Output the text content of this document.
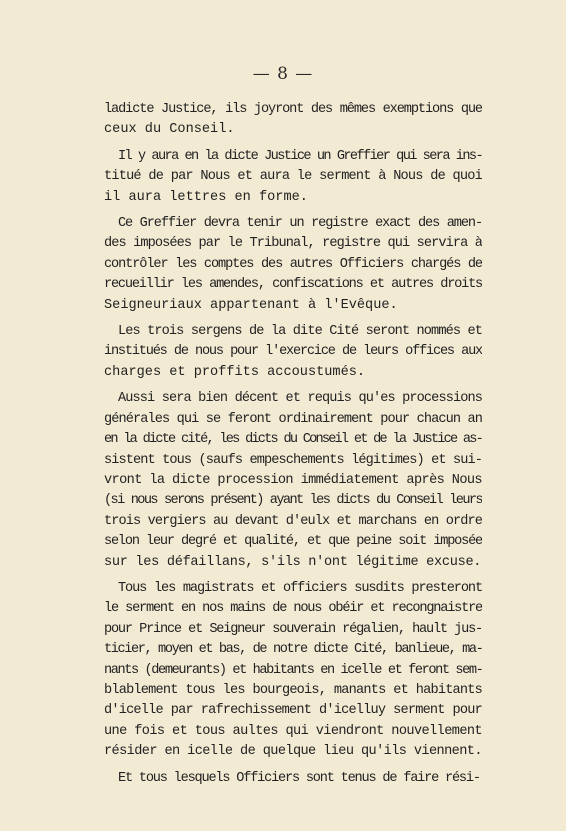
— 8 —
ladicte Justice, ils joyront des mêmes exemptions que
ceux du Conseil.
Il y aura en la dicte Justice un Greffier qui sera ins-
titué de par Nous et aura le serment à Nous de quoi
il aura lettres en forme.
Ce Greffier devra tenir un registre exact des amen-
des imposées par le Tribunal, registre qui servira à
contrôler les comptes des autres Officiers chargés de
recueillir les amendes, confiscations et autres droits
Seigneuriaux appartenant à l'Evêque.
Les trois sergens de la dite Cité seront nommés et
institués de nous pour l'exercice de leurs offices aux
charges et proffits accoustumés.
Aussi sera bien décent et requis qu'es processions
générales qui se feront ordinairement pour chacun an
en la dicte cité, les dicts du Conseil et de la Justice as-
sistent tous (saufs empeschements légitimes) et sui-
vront la dicte procession immédiatement après Nous
(si nous serons présent) ayant les dicts du Conseil leurs
trois vergiers au devant d'eulx et marchans en ordre
selon leur degré et qualité, et que peine soit imposée
sur les défaillans, s'ils n'ont légitime excuse.
Tous les magistrats et officiers susdits presteront
le serment en nos mains de nous obéir et recongnaistre
pour Prince et Seigneur souverain régalien, hault jus-
ticier, moyen et bas, de notre dicte Cité, banlieue, ma-
nants (demeurants) et habitants en icelle et feront sem-
blablement tous les bourgeois, manants et habitants
d'icelle par rafrechissement d'icelluy serment pour
une fois et tous aultes qui viendront nouvellement
résider en icelle de quelque lieu qu'ils viennent.
Et tous lesquels Officiers sont tenus de faire rési-
